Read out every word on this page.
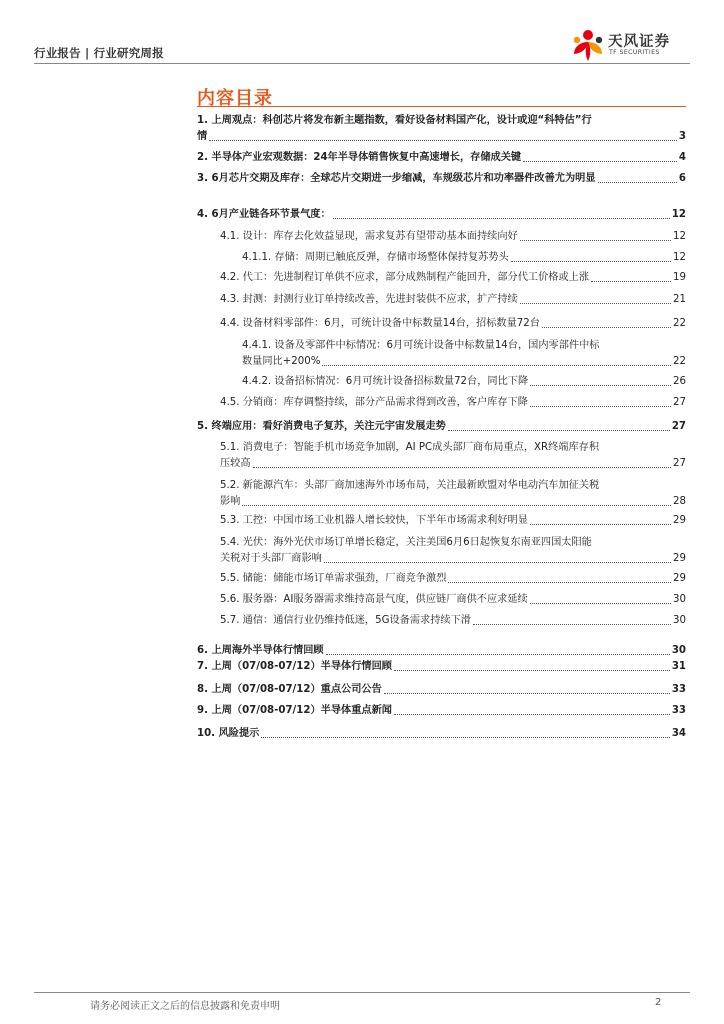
行业报告 | 行业研究周报
天风证券
TF SECURITIES
内容目录
1. 上周观点：科创芯片将发布新主题指数，看好设备材料国产化，设计或迎“科特估”行
情	3
2. 半导体产业宏观数据：24年半导体销售恢复中高速增长，存储成关键	4
3. 6月芯片交期及库存：全球芯片交期进一步缩减，车规级芯片和功率器件改善尤为明显	6
4. 6月产业链各环节景气度：	12
4.1. 设计：库存去化效益显现，需求复苏有望带动基本面持续向好	12
4.1.1. 存储：周期已触底反弹，存储市场整体保持复苏势头	12
4.2. 代工：先进制程订单供不应求，部分成熟制程产能回升，部分代工价格或上涨	19
4.3. 封测：封测行业订单持续改善，先进封装供不应求，扩产持续	21
4.4. 设备材料零部件：6月，可统计设备中标数量14台，招标数量72台	22
4.4.1. 设备及零部件中标情况：6月可统计设备中标数量14台，国内零部件中标
数量同比+200%	22
4.4.2. 设备招标情况：6月可统计设备招标数量72台，同比下降	26
4.5. 分销商：库存调整持续，部分产品需求得到改善，客户库存下降	27
5. 终端应用：看好消费电子复苏，关注元宇宙发展走势	27
5.1. 消费电子：智能手机市场竞争加剧，AI PC成头部厂商布局重点，XR终端库存积
压较高	27
5.2. 新能源汽车：头部厂商加速海外市场布局，关注最新欧盟对华电动汽车加征关税
影响	28
5.3. 工控：中国市场工业机器人增长较快，下半年市场需求利好明显	29
5.4. 光伏：海外光伏市场订单增长稳定，关注美国6月6日起恢复东南亚四国太阳能
关税对于头部厂商影响	29
5.5. 储能：储能市场订单需求强劲，厂商竞争激烈	29
5.6. 服务器：AI服务器需求维持高景气度，供应链厂商供不应求延续	30
5.7. 通信：通信行业仍维持低迷，5G设备需求持续下滑	30
6. 上周海外半导体行情回顾	30
7. 上周（07/08-07/12）半导体行情回顾	31
8. 上周（07/08-07/12）重点公司公告	33
9. 上周（07/08-07/12）半导体重点新闻	33
10. 风险提示	34
请务必阅读正文之后的信息披露和免责申明	2
